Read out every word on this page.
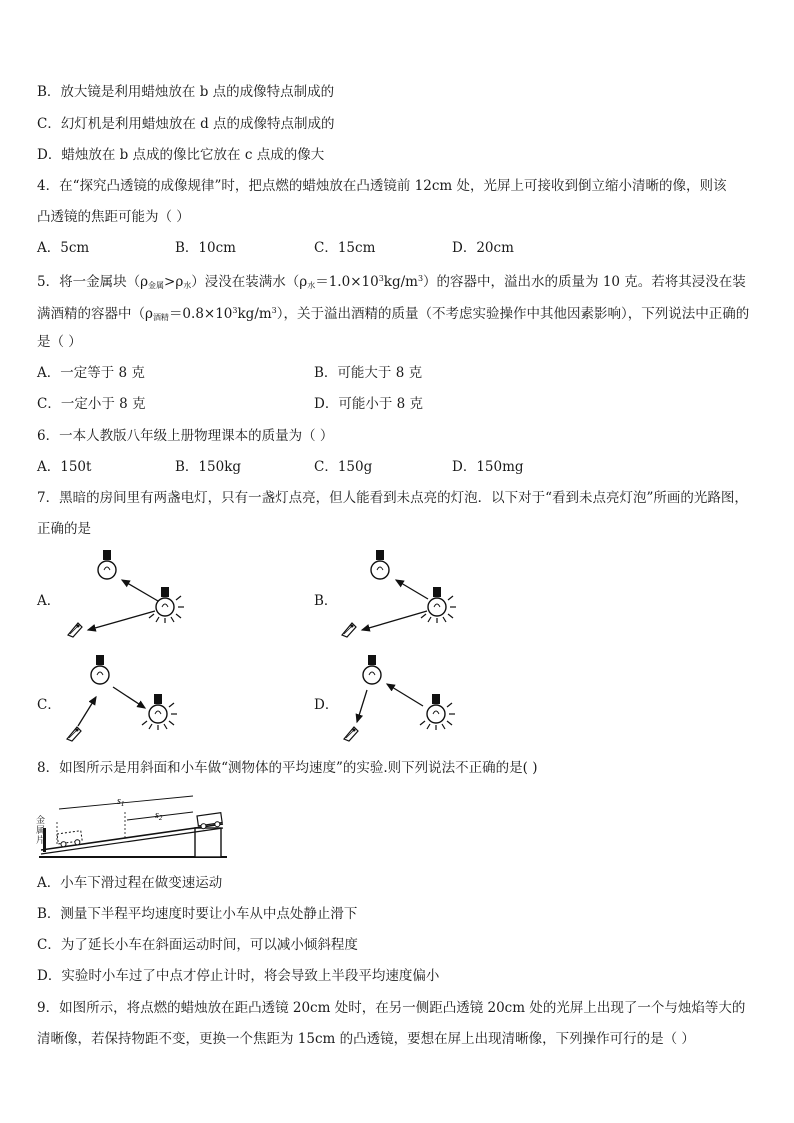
B．放大镜是利用蜡烛放在 b 点的成像特点制成的
C．幻灯机是利用蜡烛放在 d 点的成像特点制成的
D．蜡烛放在 b 点成的像比它放在 c 点成的像大
4．在“探究凸透镜的成像规律”时，把点燃的蜡烛放在凸透镜前 12cm 处，光屏上可接收到倒立缩小清晰的像，则该
凸透镜的焦距可能为（ ）
A．5cm	B．10cm	C．15cm	D．20cm
5．将一金属块$(\rho_{金属}>\rho_水)$浸没在装满水$(\rho_水=1.0\times 10^3kg/m^3)$的容器中，溢出水的质量为 10 克。若将其浸没在装
满酒精的容器中$(\rho_{酒精}=0.8\times 10^3kg/m^3)$，关于溢出酒精的质量（不考虑实验操作中其他因素影响），下列说法中正确的
是（ ）
A．一定等于 8 克	B．可能大于 8 克
C．一定小于 8 克	D．可能小于 8 克
6．一本人教版八年级上册物理课本的质量为（ ）
A．150t	B．150kg	C．150g	D．150mg
7．黑暗的房间里有两盏电灯，只有一盏灯点亮，但人能看到未点亮的灯泡．以下对于“看到未点亮灯泡”所画的光路图，
正确的是
A．	B．
C．	D．
8．如图所示是用斜面和小车做“测物体的平均速度”的实验.则下列说法不正确的是( )
$s_1$
$s_2$
金属片
A．小车下滑过程在做变速运动
B．测量下半程平均速度时要让小车从中点处静止滑下
C．为了延长小车在斜面运动时间，可以减小倾斜程度
D．实验时小车过了中点才停止计时，将会导致上半段平均速度偏小
9．如图所示，将点燃的蜡烛放在距凸透镜 20cm 处时，在另一侧距凸透镜 20cm 处的光屏上出现了一个与烛焰等大的
清晰像，若保持物距不变，更换一个焦距为 15cm 的凸透镜，要想在屏上出现清晰像，下列操作可行的是（ ）
